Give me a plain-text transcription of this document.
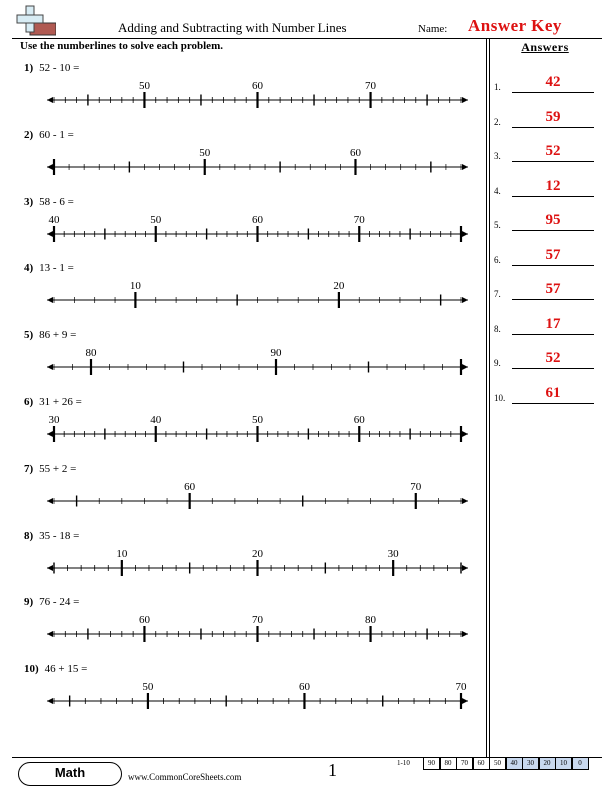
Adding and Subtracting with Number Lines	Name: Answer Key
Use the numberlines to solve each problem.	Answers
1.	42
2.	59
3.	52
4.	12
5.	95
6.	57
7.	57
8.	17
9.	52
10.	61
1) 52 - 10 =
50	60	70
2) 60 - 1 =
50	60
3) 58 - 6 =
40	50	60	70
4) 13 - 1 =
10	20
5) 86 + 9 =
80	90
6) 31 + 26 =
30	40	50	60
7) 55 + 2 =
60	70
8) 35 - 18 =
10	20	30
9) 76 - 24 =
60	70	80
10) 46 + 15 =
50	60	70
Math	www.CommonCoreSheets.com	1	1-10	90	80	70	60	50	40	30	20	10	0
